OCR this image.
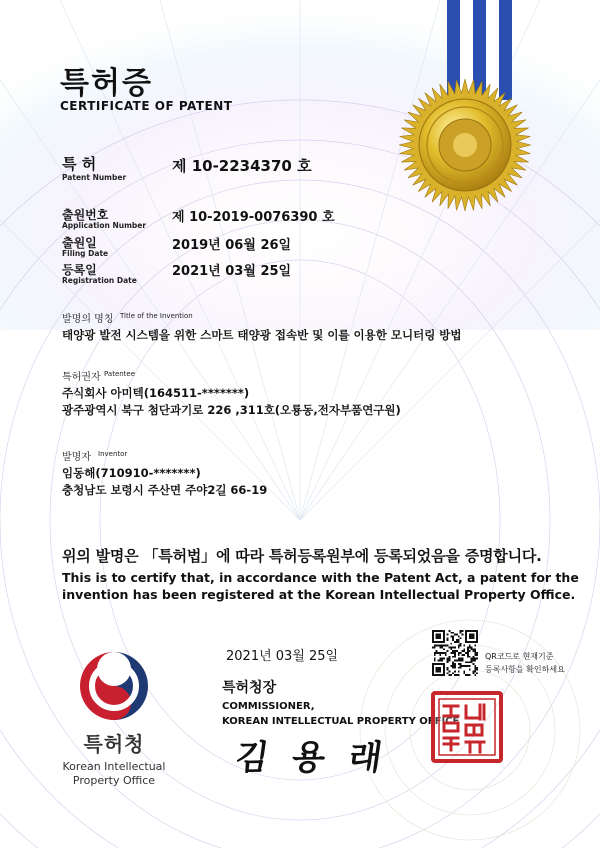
특허증
CERTIFICATE OF PATENT
특 허
Patent Number
제 10-2234370 호
출원번호
Application Number
제 10-2019-0076390 호
출원일
Filing Date
2019년 06월 26일
등록일
Registration Date
2021년 03월 25일
발명의 명칭 Title of the Invention
태양광 발전 시스템을 위한 스마트 태양광 접속반 및 이를 이용한 모니터링 방법
특허권자 Patentee
주식회사 아미텍(164511-*******)
광주광역시 북구 첨단과기로 226 ,311호(오룡동,전자부품연구원)
발명자 Inventor
임동해(710910-*******)
충청남도 보령시 주산면 주야2길 66-19
위의 발명은 「특허법」에 따라 특허등록원부에 등록되었음을 증명합니다.
This is to certify that, in accordance with the Patent Act, a patent for the
invention has been registered at the Korean Intellectual Property Office.
2021년 03월 25일
특허청장
COMMISSIONER,
KOREAN INTELLECTUAL PROPERTY OFFICE
김 용 래
QR코드로 현재기준
등록사항을 확인하세요
특허청
Korean Intellectual
Property Office
